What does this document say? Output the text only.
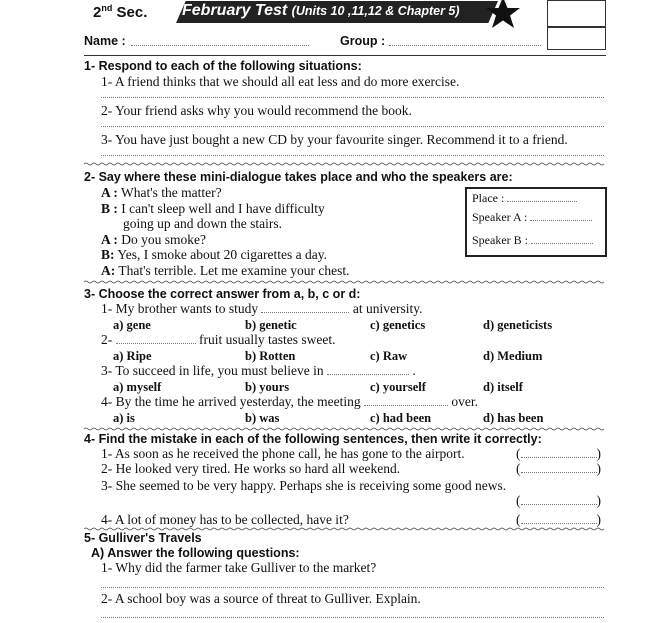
2nd Sec. February Test (Units 10 ,11,12 & Chapter 5)
Name :	Group :
1- Respond to each of the following situations:
1- A friend thinks that we should all eat less and do more exercise.
2- Your friend asks why you would recommend the book.
3- You have just bought a new CD by your favourite singer. Recommend it to a friend.
2- Say where these mini-dialogue takes place and who the speakers are:
A : What's the matter?
B : I can't sleep well and I have difficulty
going up and down the stairs.
A : Do you smoke?
B: Yes, I smoke about 20 cigarettes a day.
A: That's terrible. Let me examine your chest.
Place :
Speaker A :
Speaker B :
3- Choose the correct answer from a, b, c or d:
1- My brother wants to study	at university.
a) gene	b) genetic	c) genetics	d) geneticists
2-	fruit usually tastes sweet.
a) Ripe	b) Rotten	c) Raw	d) Medium
3- To succeed in life, you must believe in	.
a) myself	b) yours	c) yourself	d) itself
4- By the time he arrived yesterday, the meeting	over.
a) is	b) was	c) had been	d) has been
4- Find the mistake in each of the following sentences, then write it correctly:
1- As soon as he received the phone call, he has gone to the airport.	(	)
2- He looked very tired. He works so hard all weekend.	(	)
3- She seemed to be very happy. Perhaps she is receiving some good news.
(	)
4- A lot of money has to be collected, have it?	(	)
5- Gulliver's Travels
A) Answer the following questions:
1- Why did the farmer take Gulliver to the market?
2- A school boy was a source of threat to Gulliver. Explain.
